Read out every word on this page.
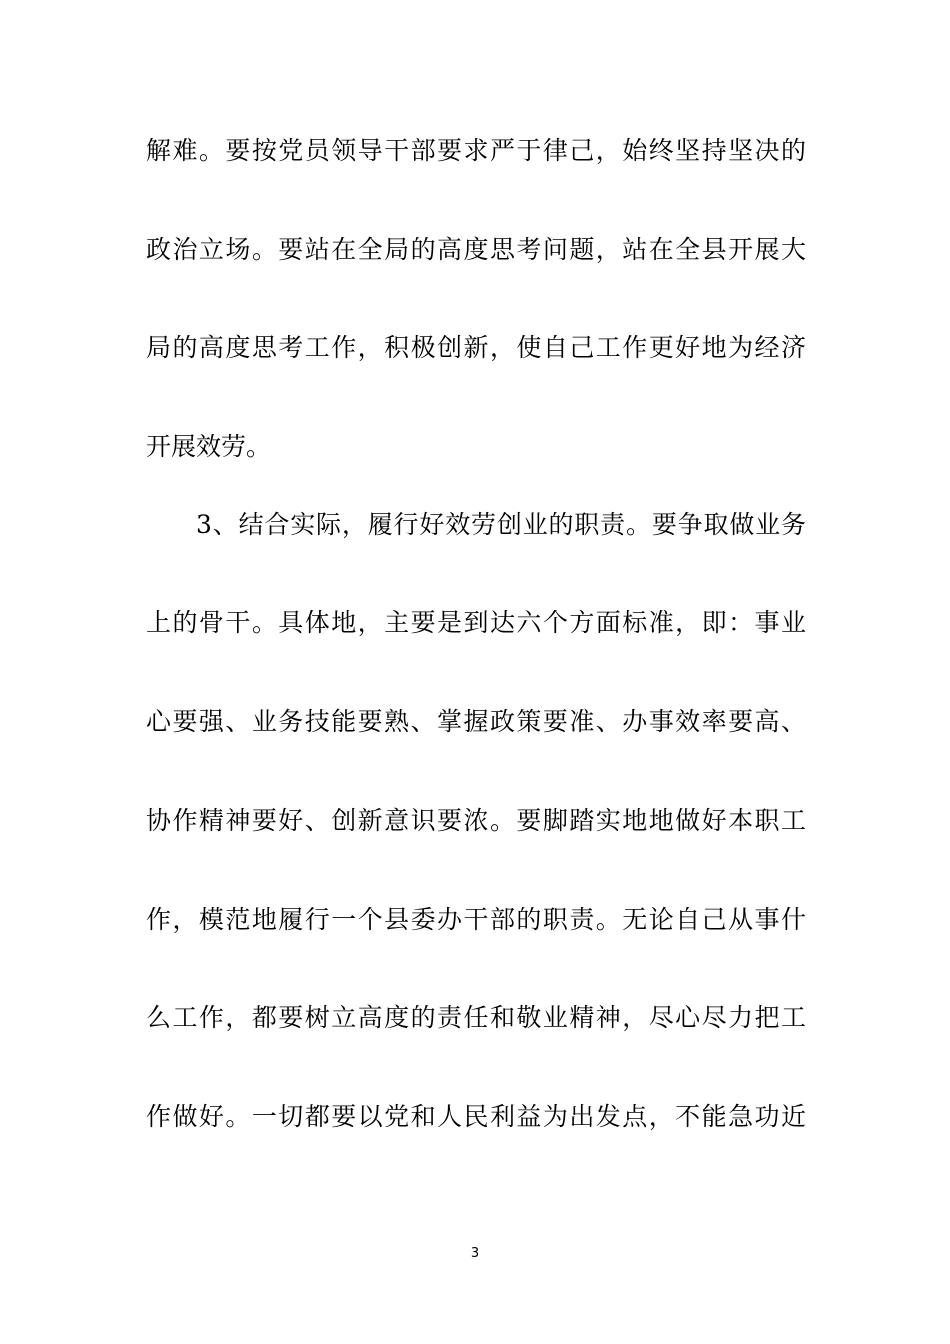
解难。要按党员领导干部要求严于律己，始终坚持坚决的
政治立场。要站在全局的高度思考问题，站在全县开展大
局的高度思考工作，积极创新，使自己工作更好地为经济
开展效劳。
3、结合实际，履行好效劳创业的职责。要争取做业务
上的骨干。具体地，主要是到达六个方面标准，即：事业
心要强、业务技能要熟、掌握政策要准、办事效率要高、
协作精神要好、创新意识要浓。要脚踏实地地做好本职工
作，模范地履行一个县委办干部的职责。无论自己从事什
么工作，都要树立高度的责任和敬业精神，尽心尽力把工
作做好。一切都要以党和人民利益为出发点，不能急功近
3
